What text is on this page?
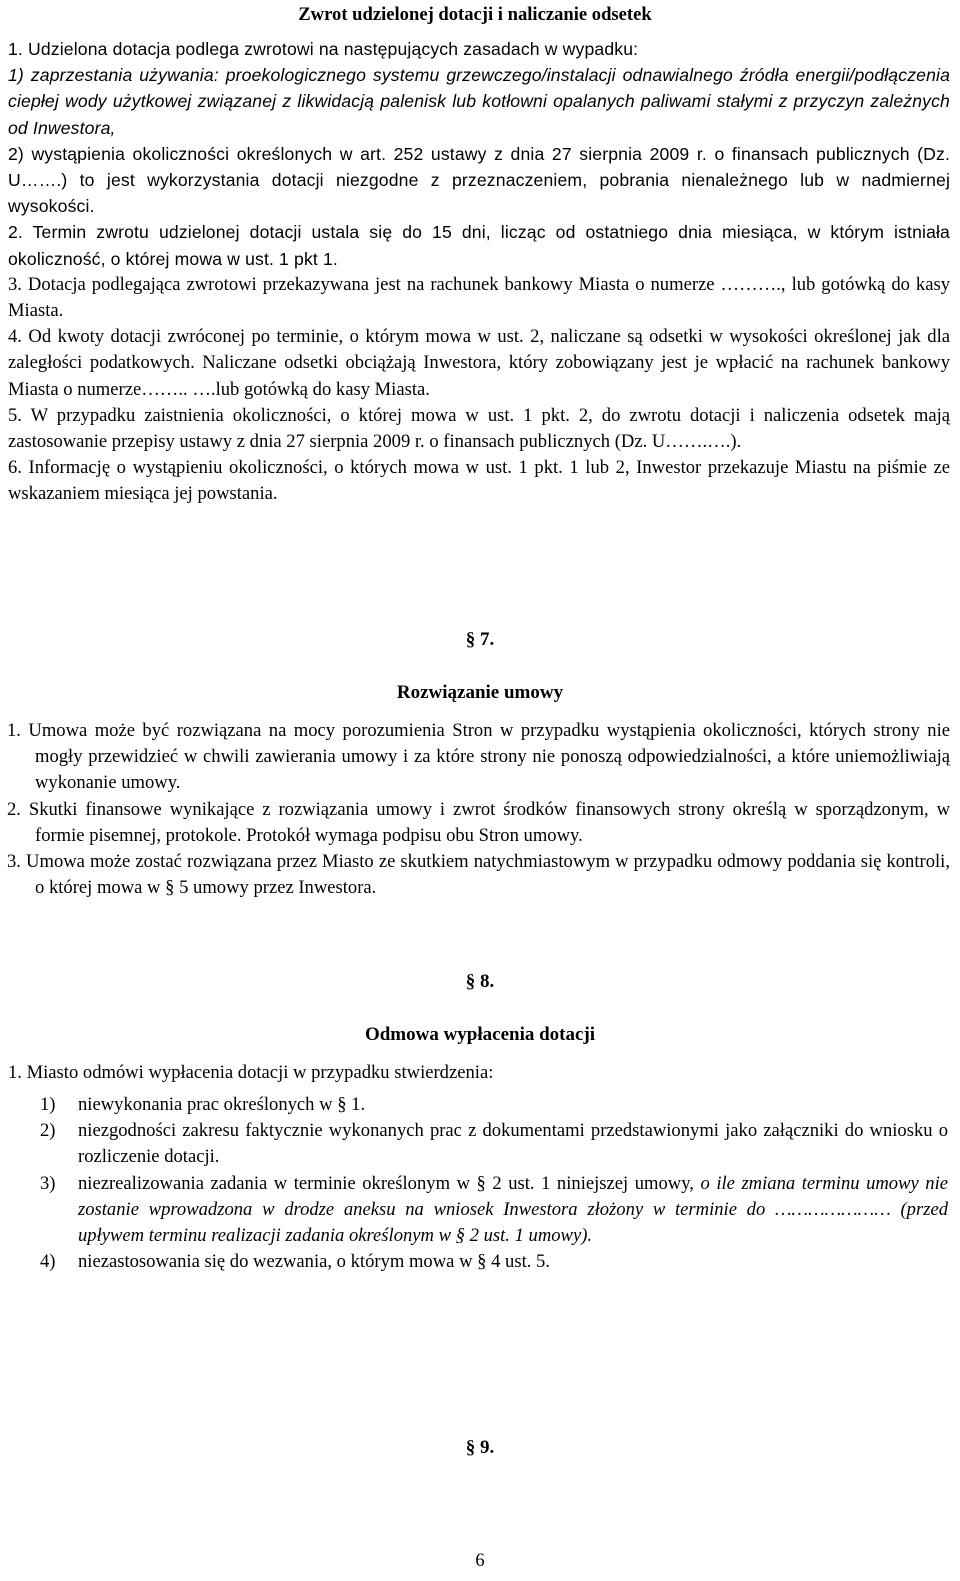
Zwrot udzielonej dotacji i naliczanie odsetek

1. Udzielona dotacja podlega zwrotowi na następujących zasadach w wypadku:

1) zaprzestania używania: proekologicznego systemu grzewczego/instalacji odnawialnego źródła energii/podłączenia ciepłej wody użytkowej związanej z likwidacją palenisk lub kotłowni opalanych paliwami stałymi z przyczyn zależnych od Inwestora,

2) wystąpienia okoliczności określonych w art. 252 ustawy z dnia 27 sierpnia 2009 r. o finansach publicznych (Dz. U…….) to jest wykorzystania dotacji niezgodne z przeznaczeniem, pobrania nienależnego lub w nadmiernej wysokości.

2. Termin zwrotu udzielonej dotacji ustala się do 15 dni, licząc od ostatniego dnia miesiąca, w którym istniała okoliczność, o której mowa w ust. 1 pkt 1.

3. Dotacja podlegająca zwrotowi przekazywana jest na rachunek bankowy Miasta o numerze ………., lub gotówką do kasy Miasta.

4. Od kwoty dotacji zwróconej po terminie, o którym mowa w ust. 2, naliczane są odsetki w wysokości określonej jak dla zaległości podatkowych. Naliczane odsetki obciążają Inwestora, który zobowiązany jest je wpłacić na rachunek bankowy Miasta o numerze…….. ….lub gotówką do kasy Miasta.

5. W przypadku zaistnienia okoliczności, o której mowa w ust. 1 pkt. 2, do zwrotu dotacji i naliczenia odsetek mają zastosowanie przepisy ustawy z dnia 27 sierpnia 2009 r. o finansach publicznych (Dz. U…….….).

6. Informację o wystąpieniu okoliczności, o których mowa w ust. 1 pkt. 1 lub 2, Inwestor przekazuje Miastu na piśmie ze wskazaniem miesiąca jej powstania.

§ 7.
Rozwiązanie umowy

1. Umowa może być rozwiązana na mocy porozumienia Stron w przypadku wystąpienia okoliczności, których strony nie mogły przewidzieć w chwili zawierania umowy i za które strony nie ponoszą odpowiedzialności, a które uniemożliwiają wykonanie umowy.

2. Skutki finansowe wynikające z rozwiązania umowy i zwrot środków finansowych strony określą w sporządzonym, w formie pisemnej, protokole. Protokół wymaga podpisu obu Stron umowy.

3. Umowa może zostać rozwiązana przez Miasto ze skutkiem natychmiastowym w przypadku odmowy poddania się kontroli, o której mowa w § 5 umowy przez Inwestora.

§ 8.
Odmowa wypłacenia dotacji

1. Miasto odmówi wypłacenia dotacji w przypadku stwierdzenia:

1) niewykonania prac określonych w § 1.
2) niezgodności zakresu faktycznie wykonanych prac z dokumentami przedstawionymi jako załączniki do wniosku o rozliczenie dotacji.
3) niezrealizowania zadania w terminie określonym w § 2 ust. 1 niniejszej umowy, o ile zmiana terminu umowy nie zostanie wprowadzona w drodze aneksu na wniosek Inwestora złożony w terminie do ………………… (przed upływem terminu realizacji zadania określonym w § 2 ust. 1 umowy).
4) niezastosowania się do wezwania, o którym mowa w § 4 ust. 5.
§ 9.
6
